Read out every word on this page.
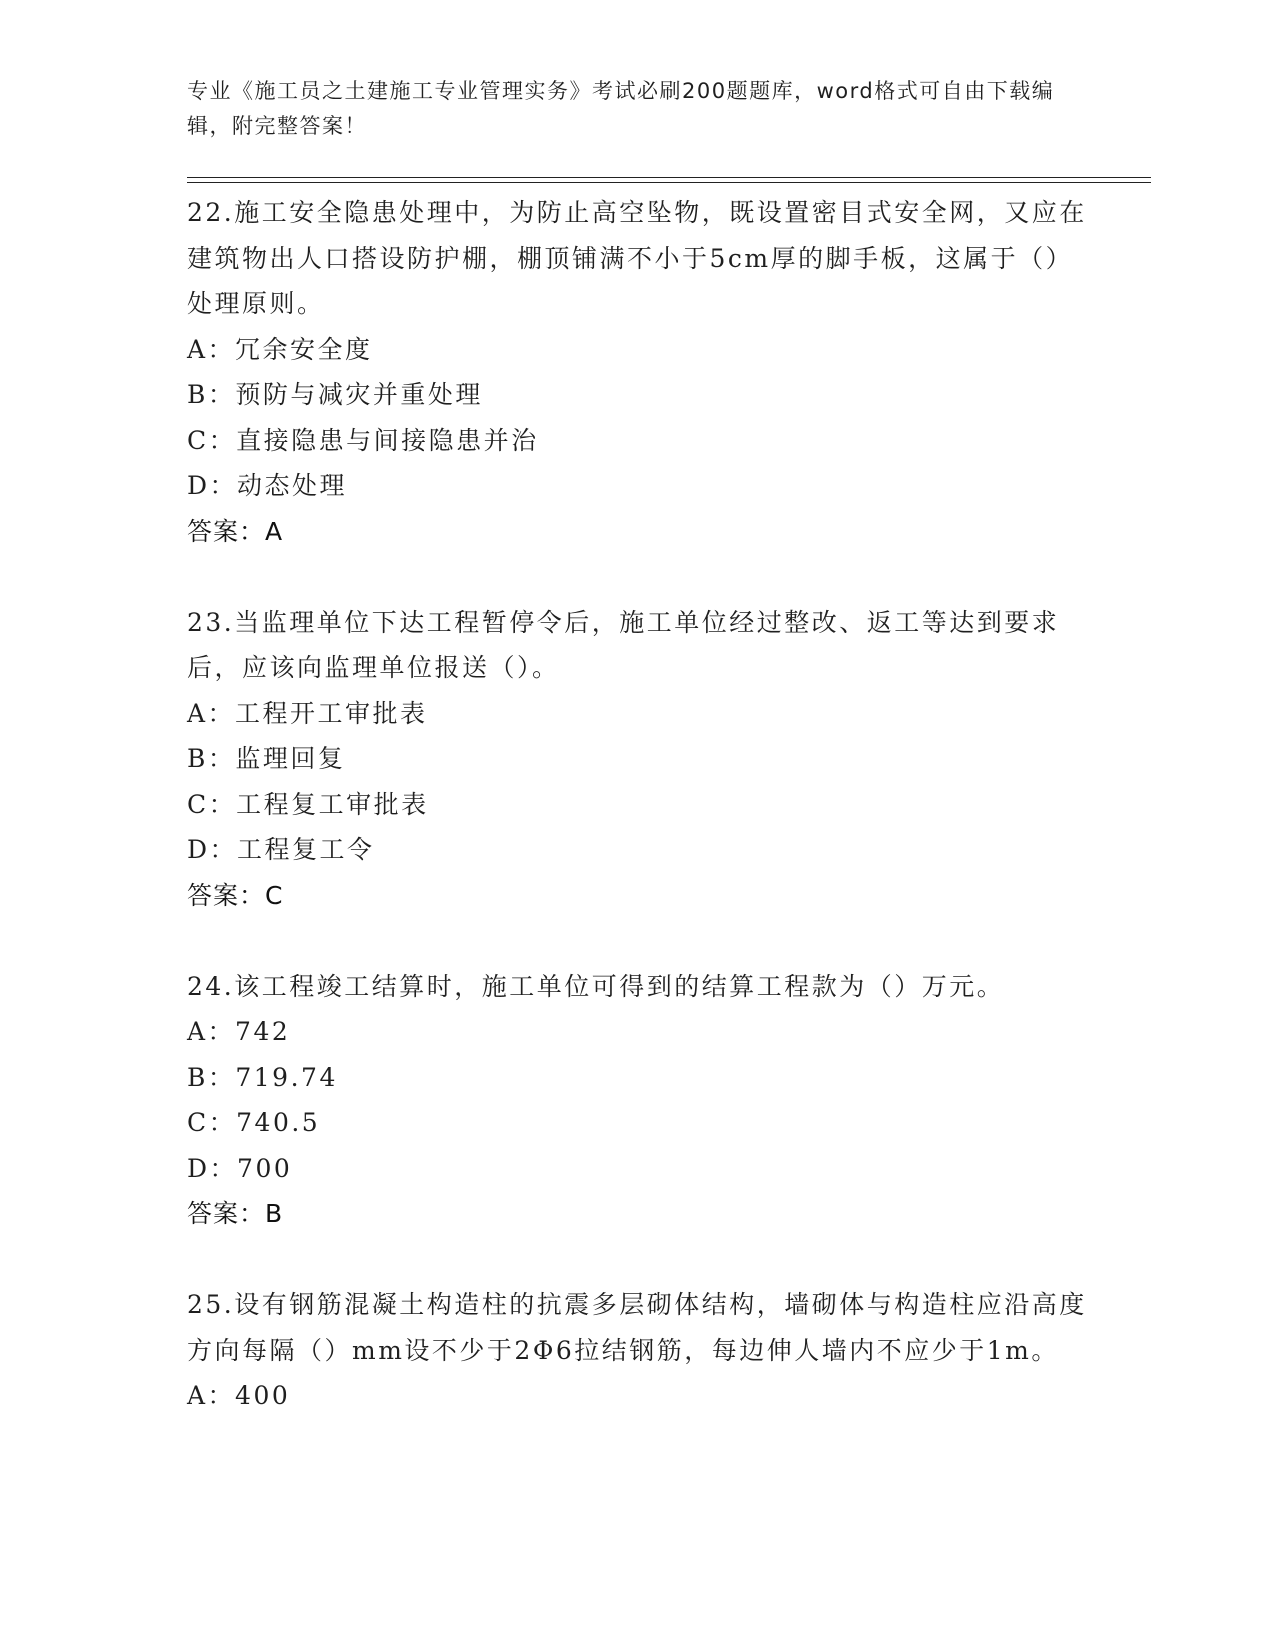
专业《施工员之土建施工专业管理实务》考试必刷200题题库，word格式可自由下载编辑，附完整答案！

22.施工安全隐患处理中，为防止高空坠物，既设置密目式安全网，又应在建筑物出人口搭设防护棚，棚顶铺满不小于5cm厚的脚手板，这属于（）处理原则。

A：冗余安全度
B：预防与减灾并重处理
C：直接隐患与间接隐患并治
D：动态处理
答案：A

23.当监理单位下达工程暂停令后，施工单位经过整改、返工等达到要求后，应该向监理单位报送（）。

A：工程开工审批表
B：监理回复
C：工程复工审批表
D：工程复工令
答案：C

24.该工程竣工结算时，施工单位可得到的结算工程款为（）万元。

A：742
B：719.74
C：740.5
D：700
答案：B

25.设有钢筋混凝土构造柱的抗震多层砌体结构，墙砌体与构造柱应沿高度方向每隔（）mm设不少于2Φ6拉结钢筋，每边伸人墙内不应少于1m。

A：400
